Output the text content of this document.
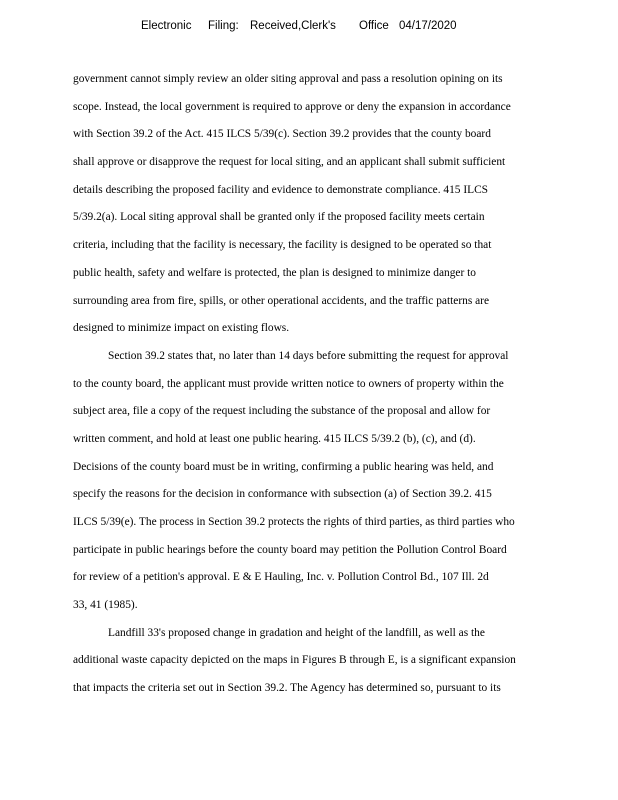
Electronic Filing: Received,Clerk's Office 04/17/2020
government cannot simply review an older siting approval and pass a resolution opining on its
scope. Instead, the local government is required to approve or deny the expansion in accordance
with Section 39.2 of the Act. 415 ILCS 5/39(c). Section 39.2 provides that the county board
shall approve or disapprove the request for local siting, and an applicant shall submit sufficient
details describing the proposed facility and evidence to demonstrate compliance. 415 ILCS
5/39.2(a). Local siting approval shall be granted only if the proposed facility meets certain
criteria, including that the facility is necessary, the facility is designed to be operated so that
public health, safety and welfare is protected, the plan is designed to minimize danger to
surrounding area from fire, spills, or other operational accidents, and the traffic patterns are
designed to minimize impact on existing flows.
Section 39.2 states that, no later than 14 days before submitting the request for approval
to the county board, the applicant must provide written notice to owners of property within the
subject area, file a copy of the request including the substance of the proposal and allow for
written comment, and hold at least one public hearing. 415 ILCS 5/39.2 (b), (c), and (d).
Decisions of the county board must be in writing, confirming a public hearing was held, and
specify the reasons for the decision in conformance with subsection (a) of Section 39.2. 415
ILCS 5/39(e). The process in Section 39.2 protects the rights of third parties, as third parties who
participate in public hearings before the county board may petition the Pollution Control Board
for review of a petition's approval. E & E Hauling, Inc. v. Pollution Control Bd., 107 Ill. 2d
33, 41 (1985).
Landfill 33's proposed change in gradation and height of the landfill, as well as the
additional waste capacity depicted on the maps in Figures B through E, is a significant expansion
that impacts the criteria set out in Section 39.2. The Agency has determined so, pursuant to its
